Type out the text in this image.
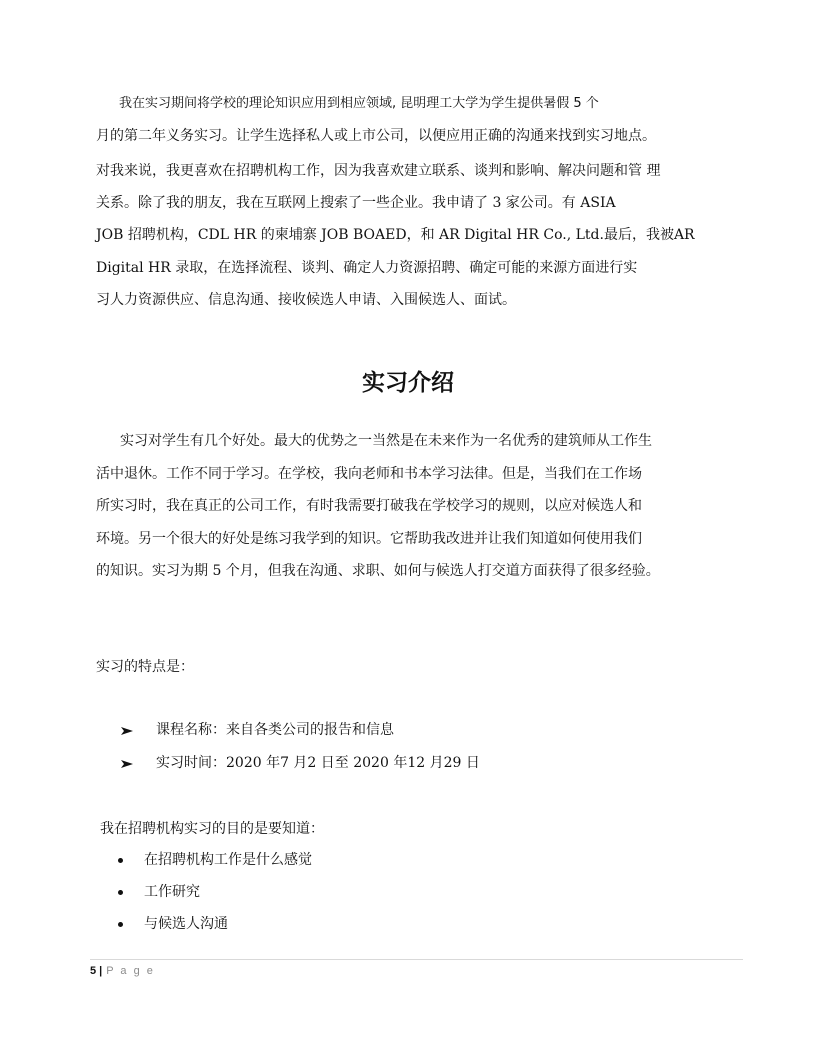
我在实习期间将学校的理论知识应用到相应领域, 昆明理工大学为学生提供暑假 5 个
月的第二年义务实习。让学生选择私人或上市公司，以便应用正确的沟通来找到实习地点。
对我来说，我更喜欢在招聘机构工作，因为我喜欢建立联系、谈判和影响、解决问题和管 理
关系。除了我的朋友，我在互联网上搜索了一些企业。我申请了 3 家公司。有 ASIA
JOB 招聘机构，CDL HR 的柬埔寨 JOB BOAED，和 AR Digital HR Co., Ltd.最后，我被AR
Digital HR 录取，在选择流程、谈判、确定人力资源招聘、确定可能的来源方面进行实
习人力资源供应、信息沟通、接收候选人申请、入围候选人、面试。
实习介绍
实习对学生有几个好处。最大的优势之一当然是在未来作为一名优秀的建筑师从工作生
活中退休。工作不同于学习。在学校，我向老师和书本学习法律。但是，当我们在工作场
所实习时，我在真正的公司工作，有时我需要打破我在学校学习的规则，以应对候选人和
环境。另一个很大的好处是练习我学到的知识。它帮助我改进并让我们知道如何使用我们
的知识。实习为期 5 个月，但我在沟通、求职、如何与候选人打交道方面获得了很多经验。
实习的特点是：
课程名称：来自各类公司的报告和信息
实习时间：2020 年7 月2 日至 2020 年12 月29 日
我在招聘机构实习的目的是要知道：
在招聘机构工作是什么感觉
工作研究
与候选人沟通
5 | P a g e
